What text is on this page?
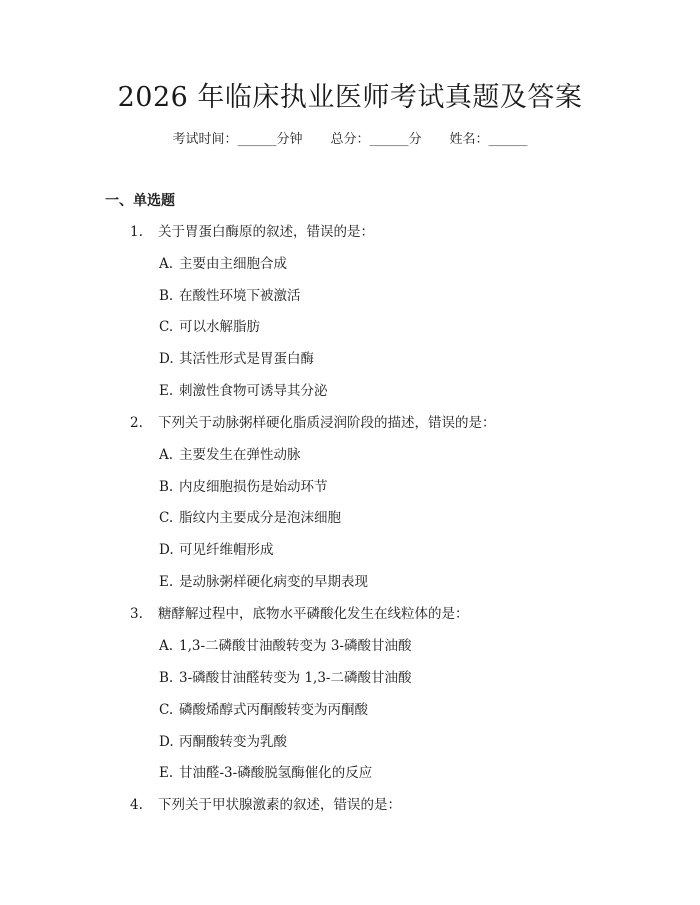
2026 年临床执业医师考试真题及答案
考试时间：______分钟 总分：______分 姓名：______
一、单选题
1. 关于胃蛋白酶原的叙述，错误的是：
A. 主要由主细胞合成
B. 在酸性环境下被激活
C. 可以水解脂肪
D. 其活性形式是胃蛋白酶
E. 刺激性食物可诱导其分泌
2. 下列关于动脉粥样硬化脂质浸润阶段的描述，错误的是：
A. 主要发生在弹性动脉
B. 内皮细胞损伤是始动环节
C. 脂纹内主要成分是泡沫细胞
D. 可见纤维帽形成
E. 是动脉粥样硬化病变的早期表现
3. 糖酵解过程中，底物水平磷酸化发生在线粒体的是：
A. 1,3-二磷酸甘油酸转变为 3-磷酸甘油酸
B. 3-磷酸甘油醛转变为 1,3-二磷酸甘油酸
C. 磷酸烯醇式丙酮酸转变为丙酮酸
D. 丙酮酸转变为乳酸
E. 甘油醛-3-磷酸脱氢酶催化的反应
4. 下列关于甲状腺激素的叙述，错误的是：
